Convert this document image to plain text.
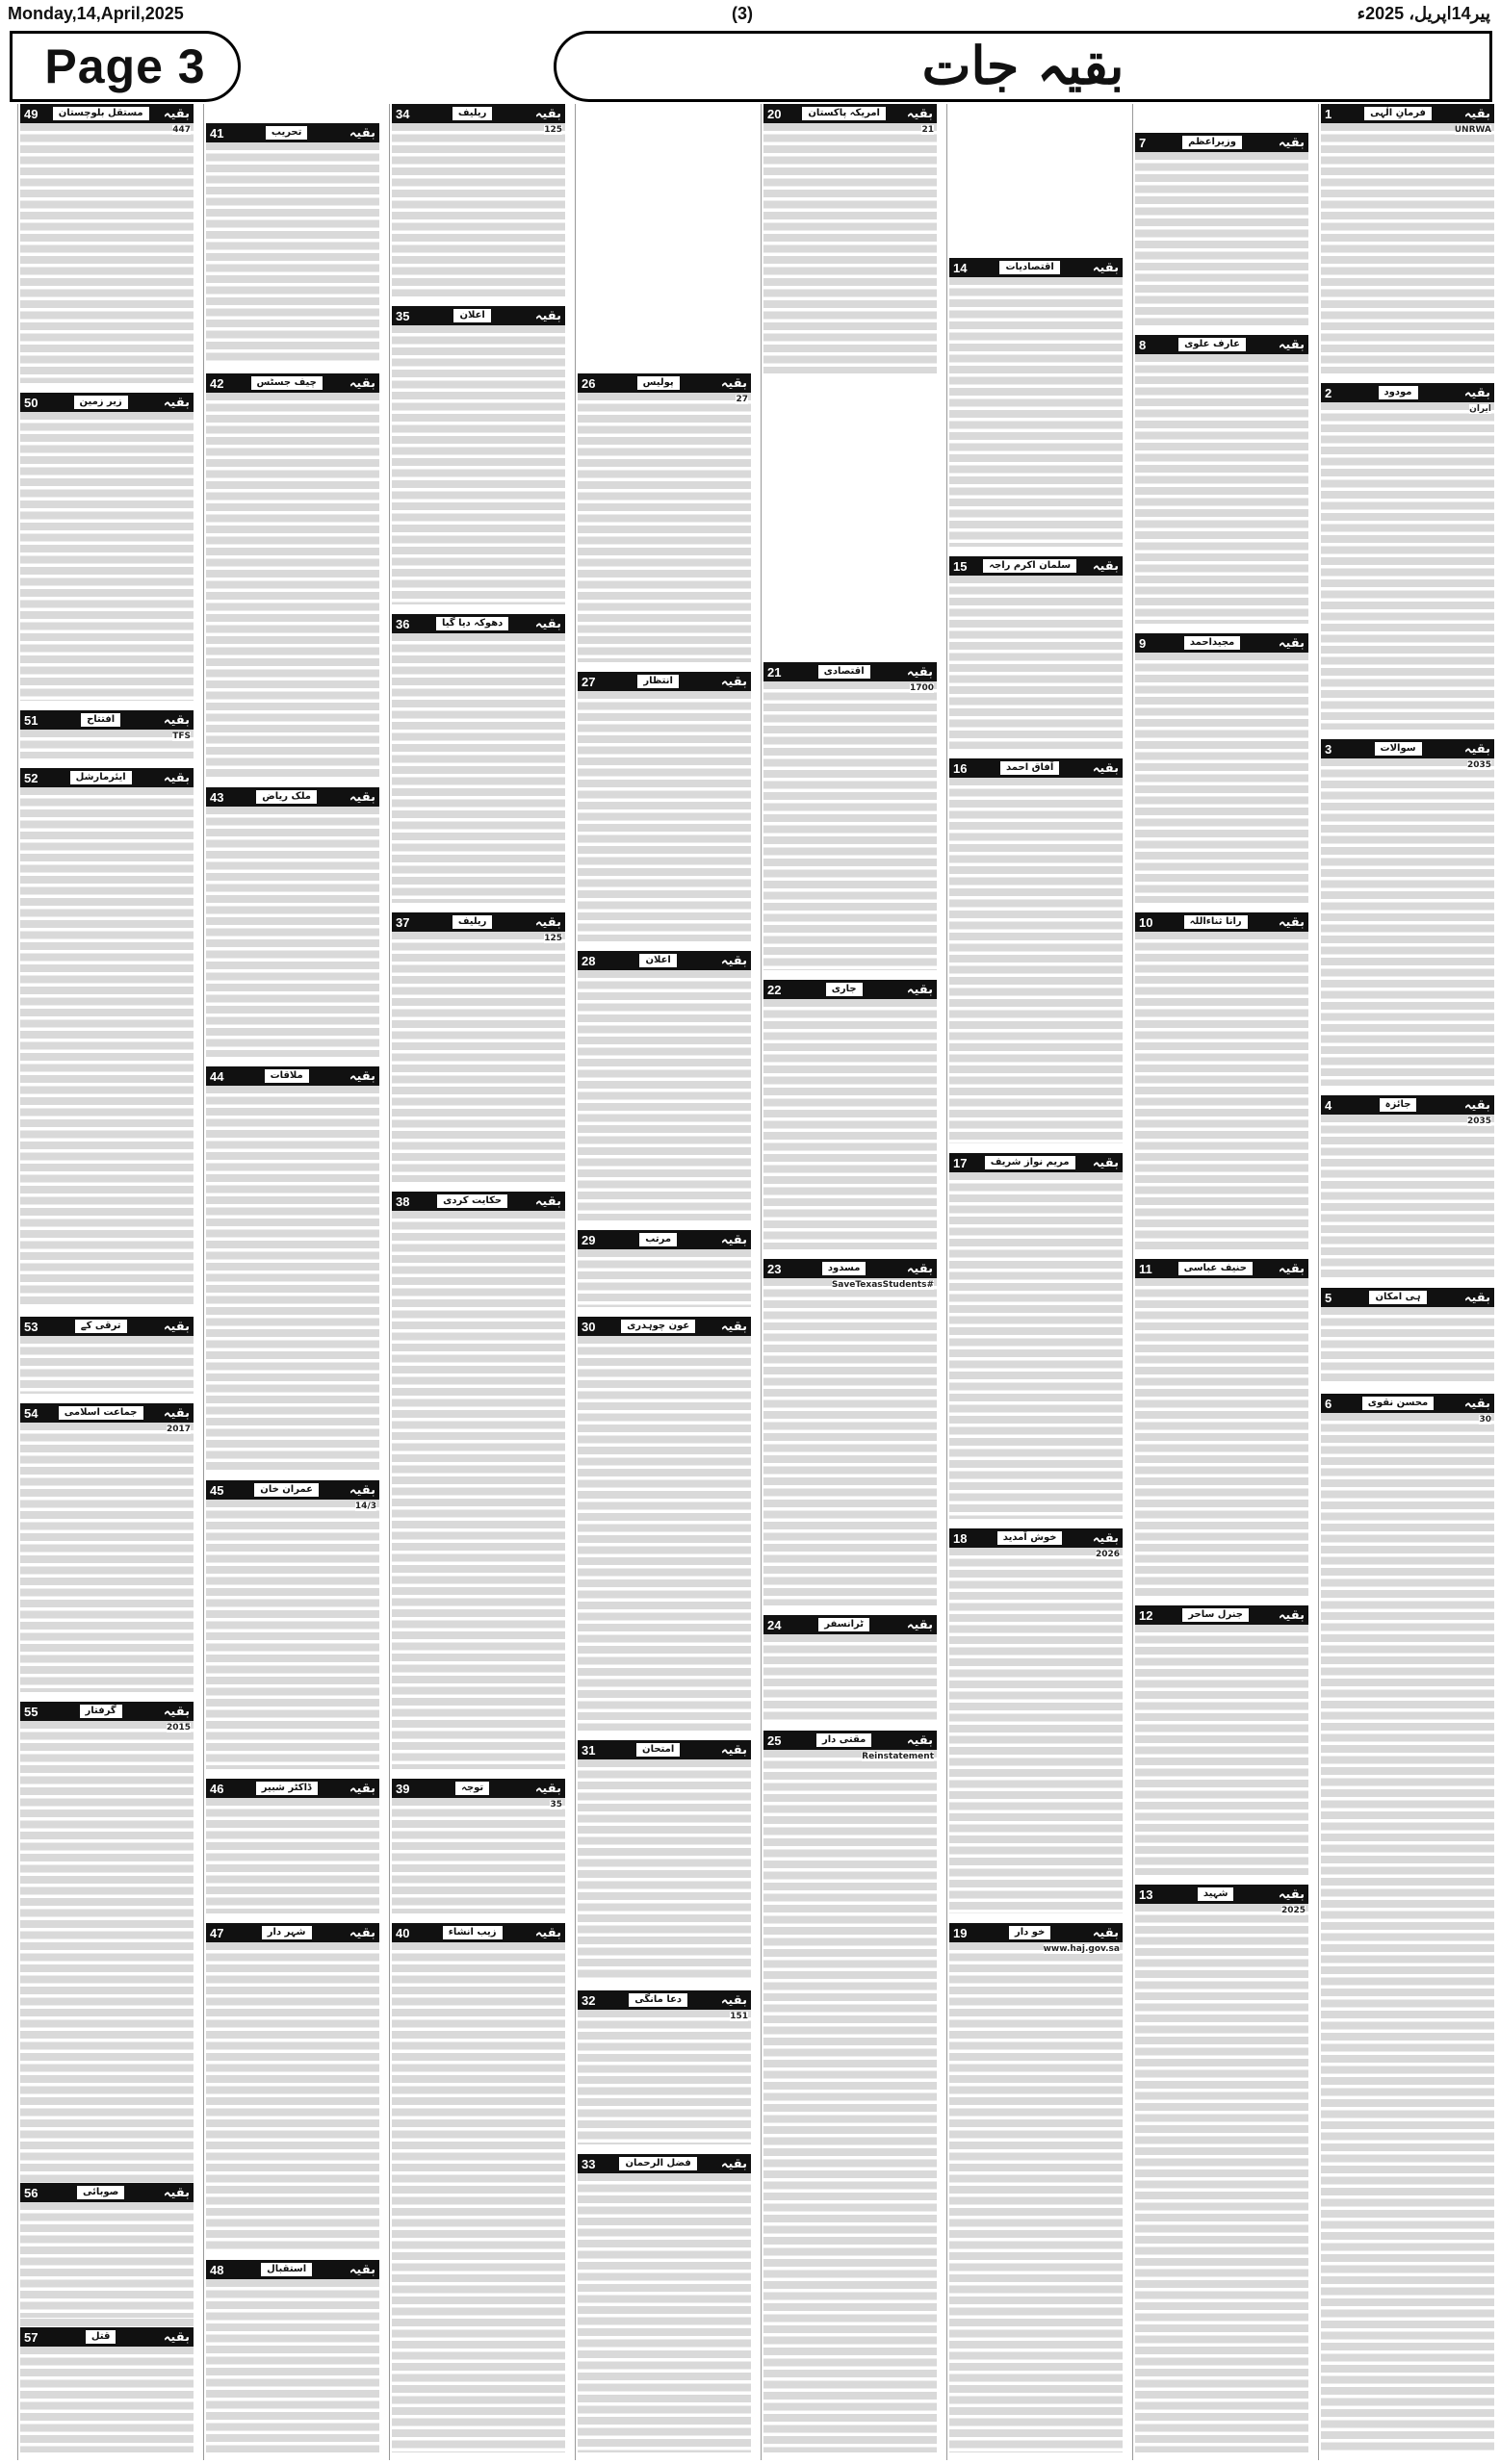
Monday,14,April,2025	(3)	پیر14اپریل، 2025ء
Page 3	بقیہ جات
1	فرمانِ الٰہی	بقیہ
UNRWA
2	مودود	بقیہ
ایران
3	سوالات	بقیہ
2035
4	جائزہ	بقیہ
2035
5	ہی امکان	بقیہ
6	محسن نقوی	بقیہ
30
7	وزیراعظم	بقیہ
8	عارف علوی	بقیہ
9	مجیداحمد	بقیہ
10	رانا ثناءاللہ	بقیہ
11	حنیف عباسی	بقیہ
12	جنرل ساحر	بقیہ
13	شہید	بقیہ
2025
14	اقتصادیات	بقیہ
15	سلمان اکرم راجہ	بقیہ
16	آفاق احمد	بقیہ
17	مریم نواز شریف	بقیہ
18	خوش آمدید	بقیہ
2026
19	خو دار	بقیہ
www.haj.gov.sa
20	امریکہ پاکستان	بقیہ
21
21	اقتصادی	بقیہ
1700
22	جاری	بقیہ
23	مسدود	بقیہ
#SaveTexasStudents
24	ٹرانسفر	بقیہ
25	مقتی دار	بقیہ
Reinstatement
26	پولیس	بقیہ
27
27	انتظار	بقیہ
28	اعلان	بقیہ
29	مرتب	بقیہ
30	عون چوہدری	بقیہ
31	امتحان	بقیہ
32	دعا مانگی	بقیہ
151
33	فضل الرحمان	بقیہ
34	ریلیف	بقیہ
125
35	اعلان	بقیہ
36	دھوکہ دیا گیا	بقیہ
37	ریلیف	بقیہ
125
38	حکایت کردی	بقیہ
39	توجہ	بقیہ
35
40	زیب انشاء	بقیہ
41	تحریب	بقیہ
42	چیف جسٹس	بقیہ
43	ملک ریاض	بقیہ
44	ملاقات	بقیہ
45	عمران خان	بقیہ
14/3
46	ڈاکٹر شبیر	بقیہ
47	شہر دار	بقیہ
48	استقبال	بقیہ
49	مستقل بلوچستان	بقیہ
447
50	زیر زمین	بقیہ
51	افتتاح	بقیہ
TFS
52	ایئرمارشل	بقیہ
53	ترقی کے	بقیہ
54	جماعت اسلامی	بقیہ
2017
55	گرفتار	بقیہ
2015
56	صوبائی	بقیہ
57	قتل	بقیہ
